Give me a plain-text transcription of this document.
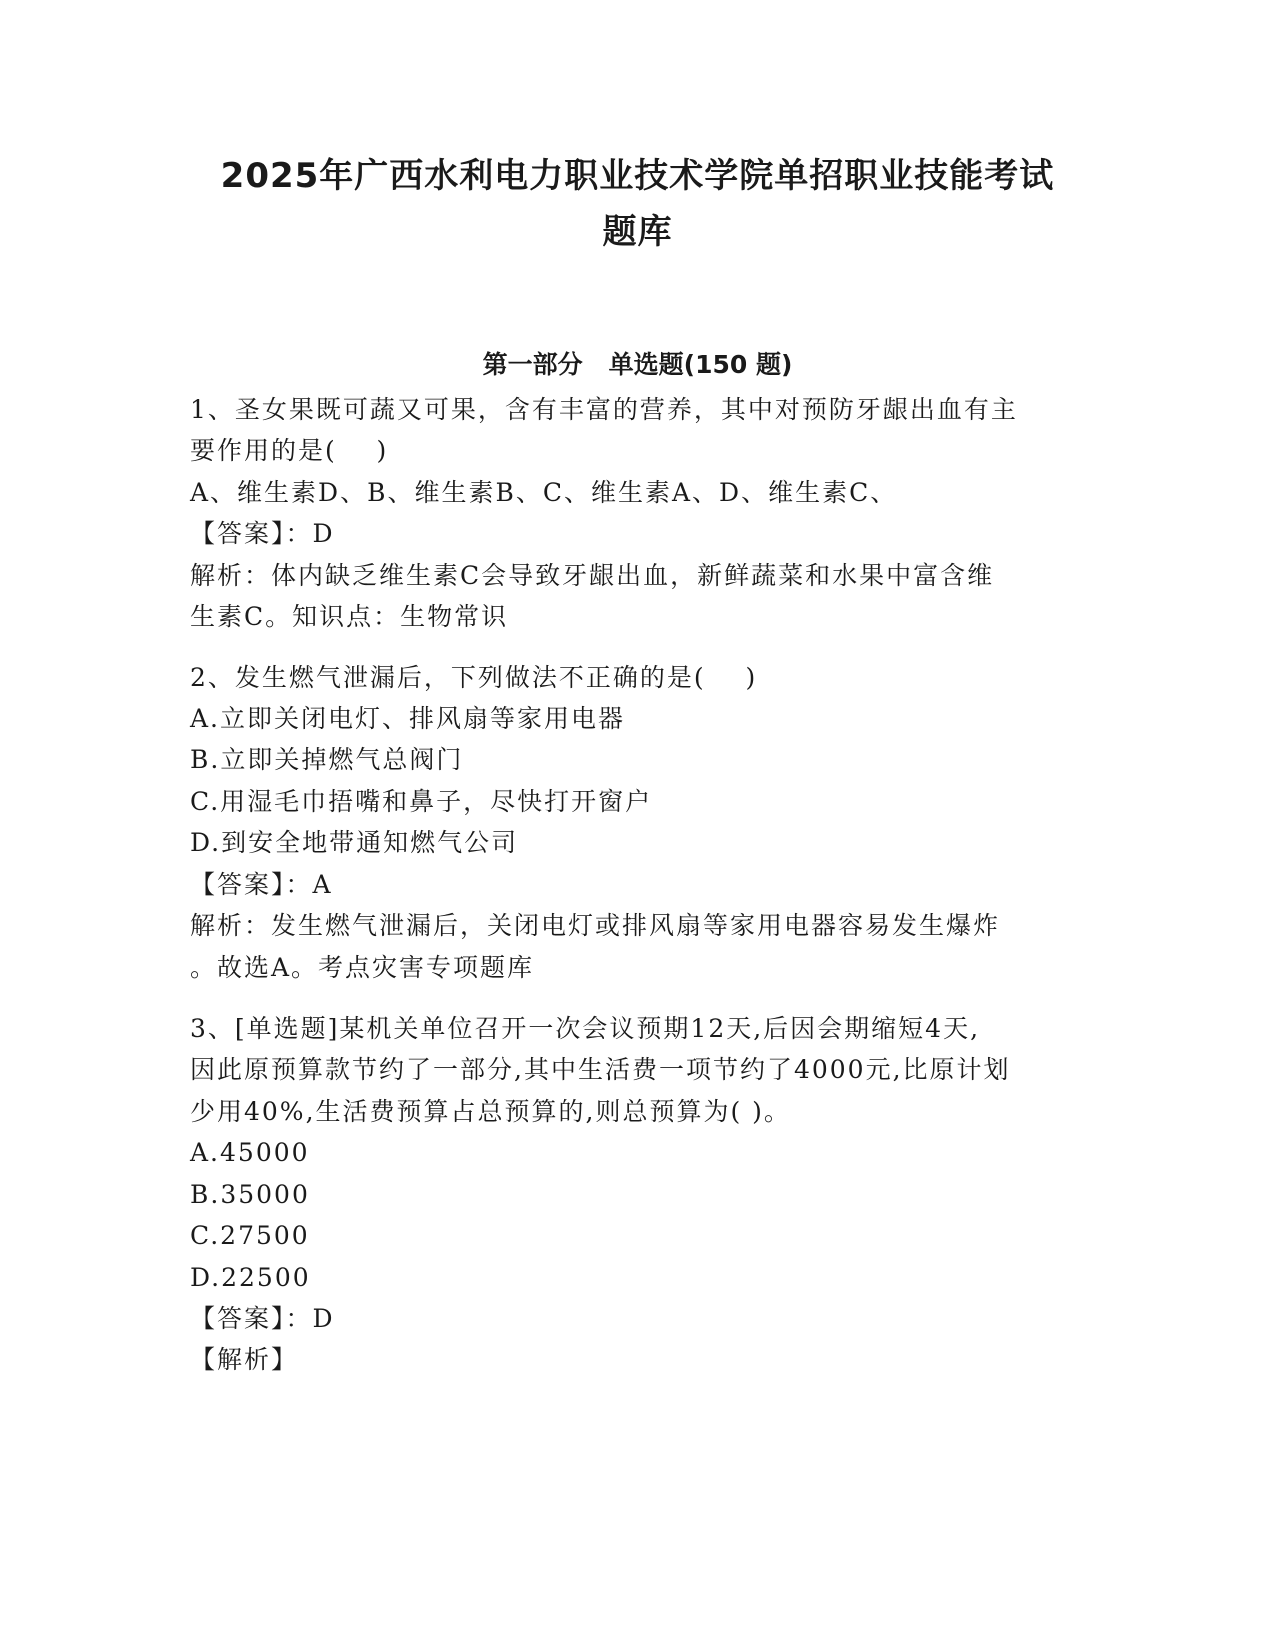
2025年广西水利电力职业技术学院单招职业技能考试
题库
第一部分   单选题(150 题)
1、圣女果既可蔬又可果，含有丰富的营养，其中对预防牙龈出血有主
要作用的是(    )
A、维生素D、B、维生素B、C、维生素A、D、维生素C、
【答案】：D
解析：体内缺乏维生素C会导致牙龈出血，新鲜蔬菜和水果中富含维
生素C。知识点：生物常识
2、发生燃气泄漏后，下列做法不正确的是(    )
A.立即关闭电灯、排风扇等家用电器
B.立即关掉燃气总阀门
C.用湿毛巾捂嘴和鼻子，尽快打开窗户
D.到安全地带通知燃气公司
【答案】：A
解析：发生燃气泄漏后，关闭电灯或排风扇等家用电器容易发生爆炸
。故选A。考点灾害专项题库
3、[单选题]某机关单位召开一次会议预期12天,后因会期缩短4天,
因此原预算款节约了一部分,其中生活费一项节约了4000元,比原计划
少用40%,生活费预算占总预算的,则总预算为( )。
A.45000
B.35000
C.27500
D.22500
【答案】：D
【解析】
